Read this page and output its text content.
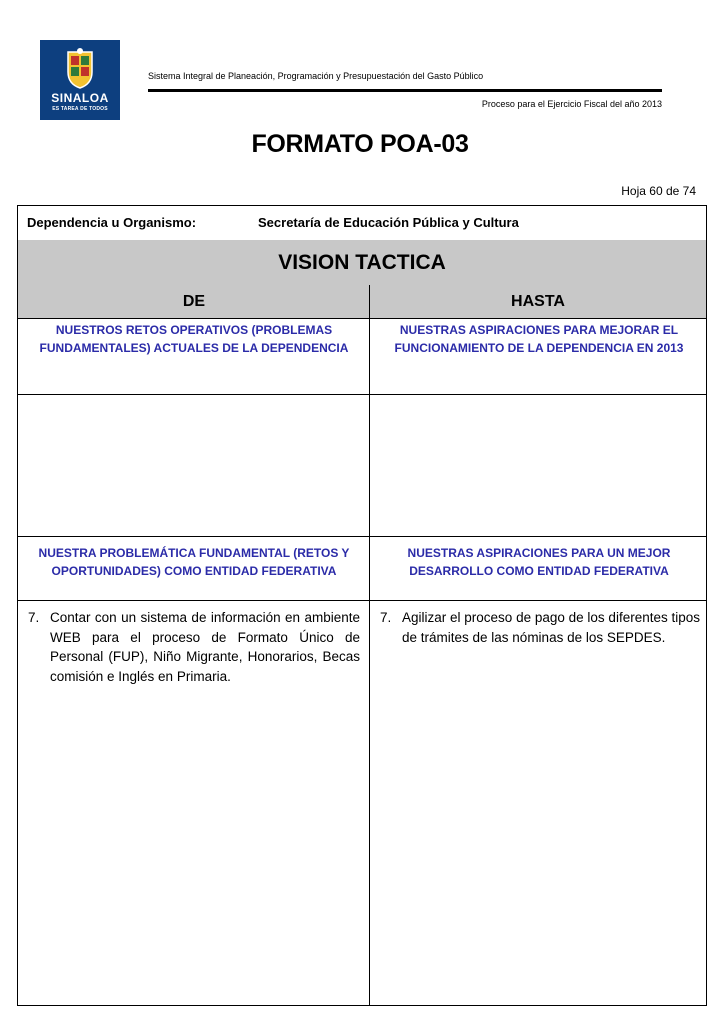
SINALOA
ES TAREA DE TODOS
Sistema Integral de Planeación, Programación y Presupuestación del Gasto Público
Proceso para el Ejercicio Fiscal del año 2013
FORMATO POA-03
Hoja 60 de 74
Dependencia u Organismo:	Secretaría de Educación Pública y Cultura
VISION TACTICA
DE	HASTA
NUESTROS RETOS OPERATIVOS (PROBLEMAS FUNDAMENTALES) ACTUALES DE LA DEPENDENCIA
NUESTRAS ASPIRACIONES PARA MEJORAR EL FUNCIONAMIENTO DE LA DEPENDENCIA EN 2013
NUESTRA PROBLEMÁTICA FUNDAMENTAL (RETOS Y OPORTUNIDADES) COMO ENTIDAD FEDERATIVA
NUESTRAS ASPIRACIONES PARA UN MEJOR DESARROLLO COMO ENTIDAD FEDERATIVA
7. Contar con un sistema de información en ambiente WEB para el proceso de Formato Único de Personal (FUP), Niño Migrante, Honorarios, Becas comisión e Inglés en Primaria.
7. Agilizar el proceso de pago de los diferentes tipos de trámites de las nóminas de los SEPDES.
